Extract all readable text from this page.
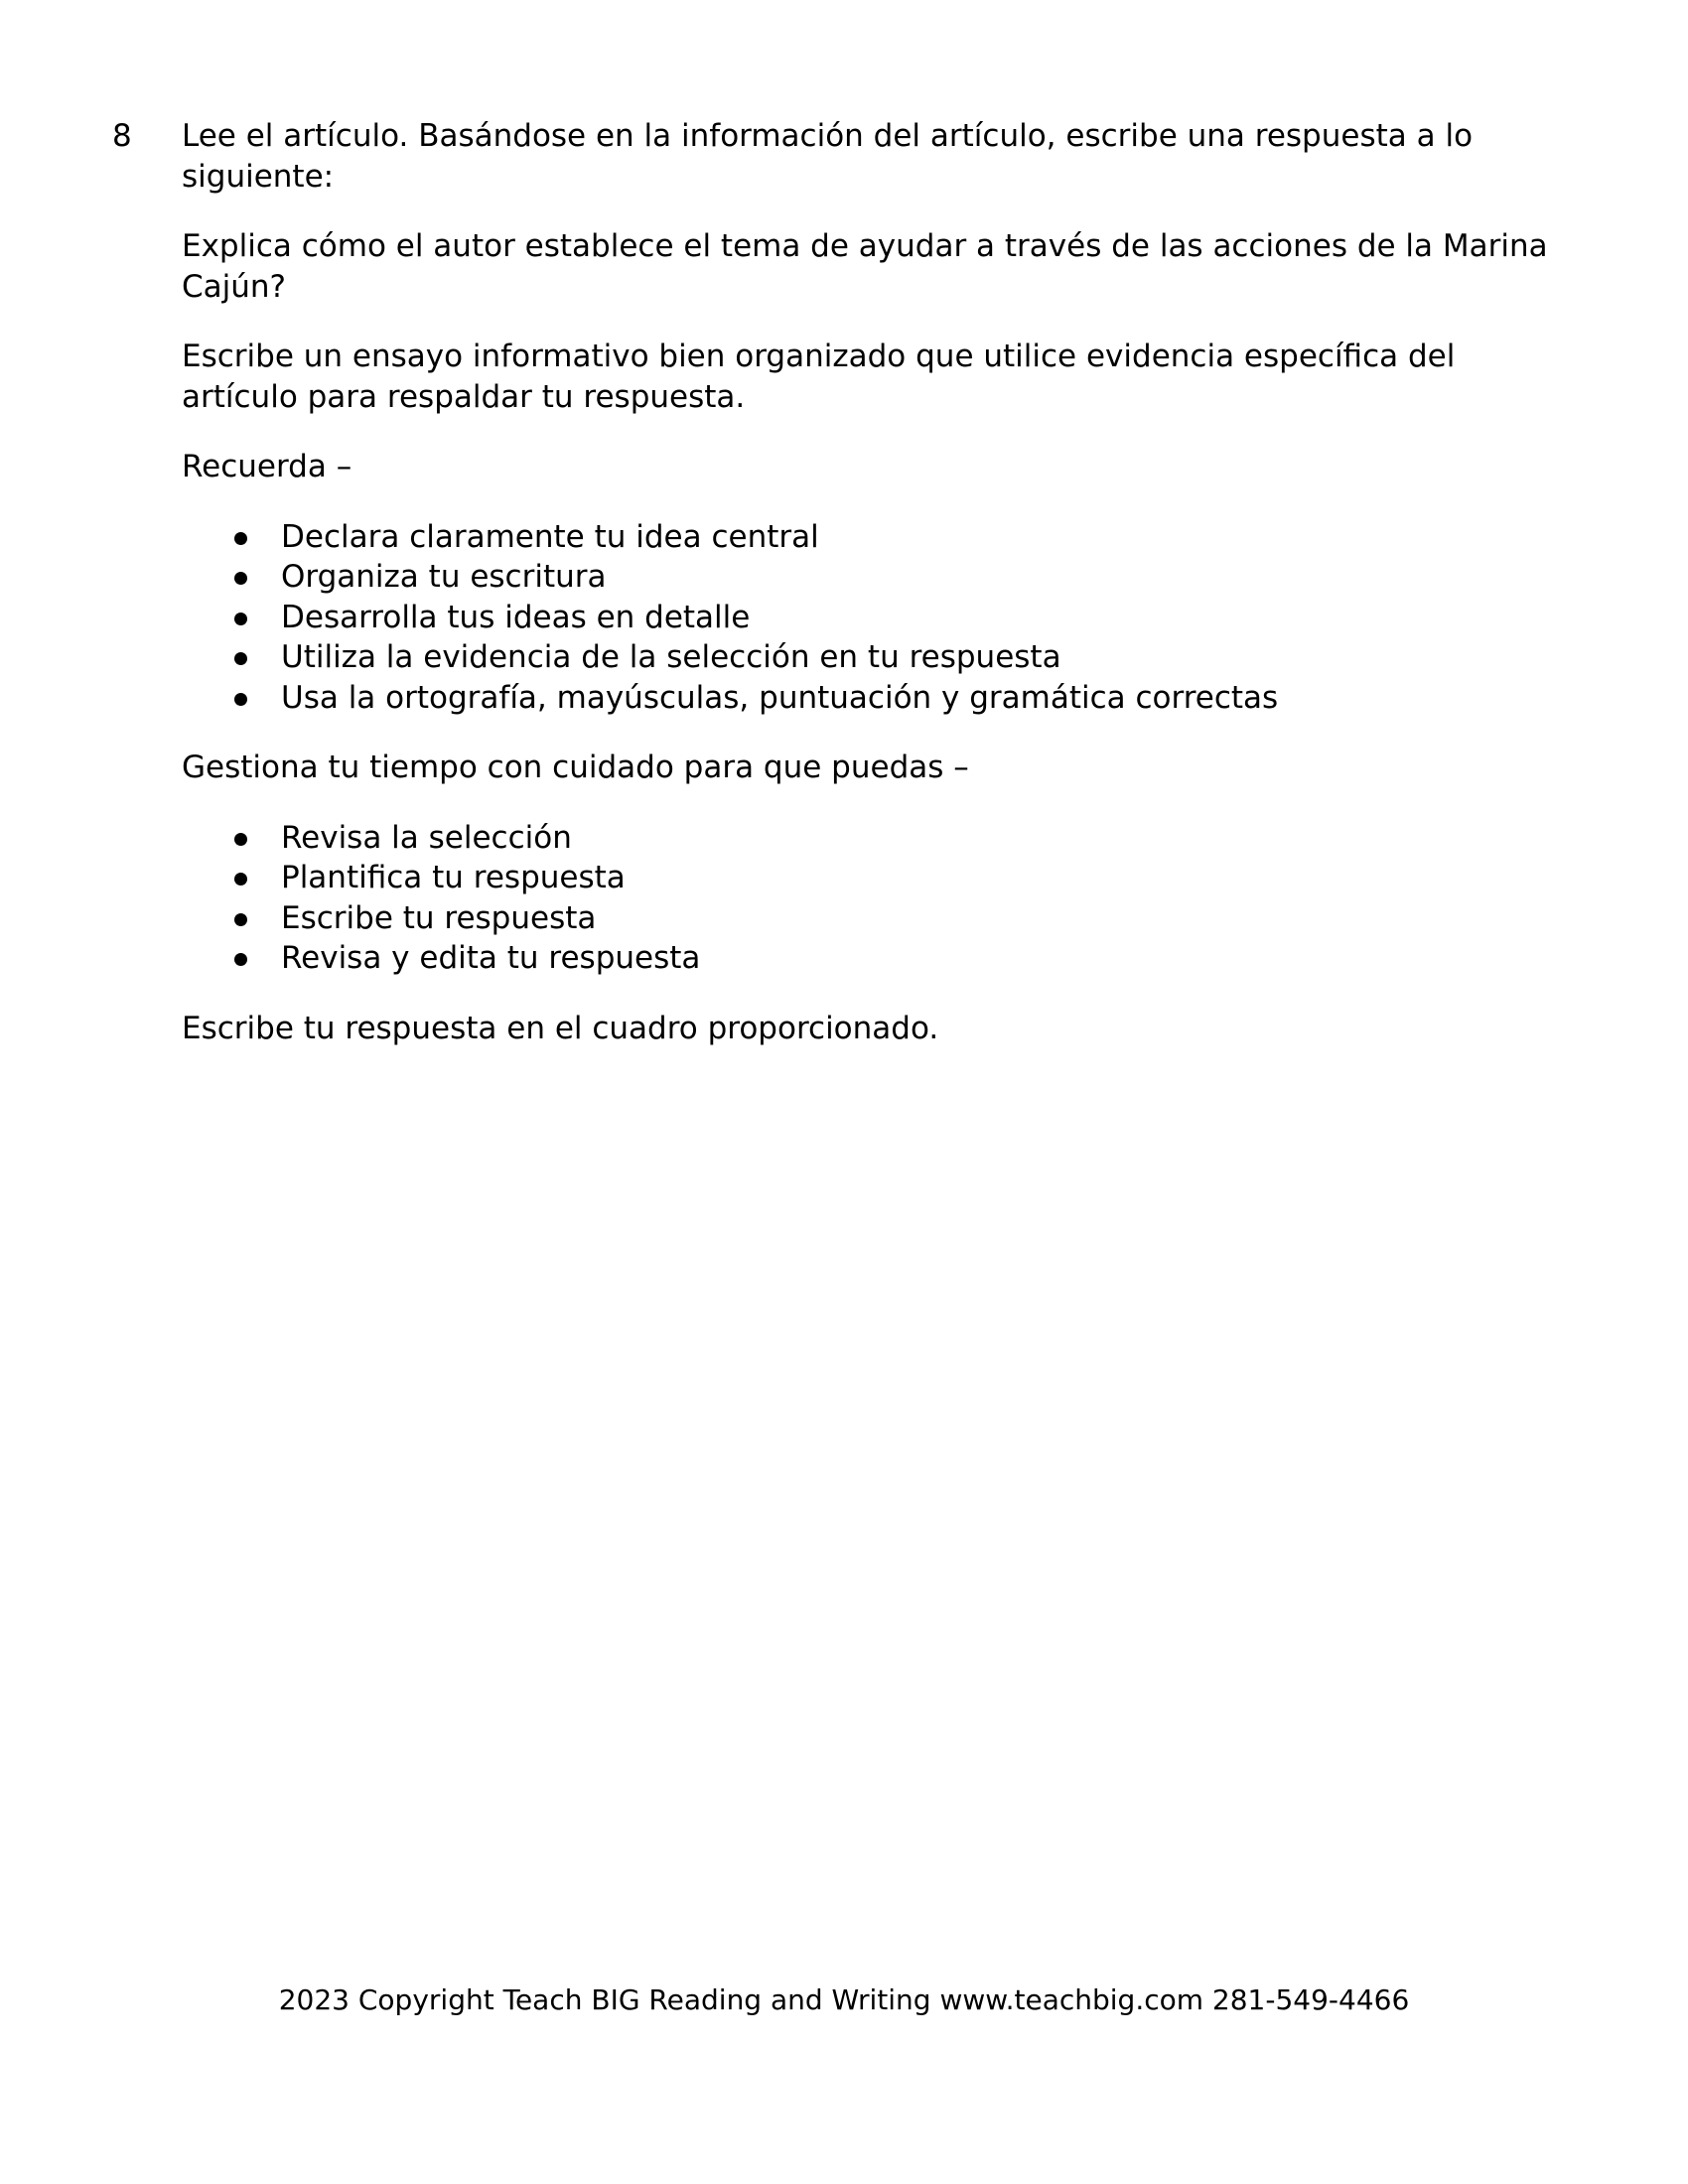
8 Lee el artículo. Basándose en la información del artículo, escribe una respuesta a lo siguiente:

Explica cómo el autor establece el tema de ayudar a través de las acciones de la Marina Cajún?

Escribe un ensayo informativo bien organizado que utilice evidencia específica del artículo para respaldar tu respuesta.

Recuerda –

Declara claramente tu idea central
Organiza tu escritura
Desarrolla tus ideas en detalle
Utiliza la evidencia de la selección en tu respuesta
Usa la ortografía, mayúsculas, puntuación y gramática correctas

Gestiona tu tiempo con cuidado para que puedas –

Revisa la selección
Plantifica tu respuesta
Escribe tu respuesta
Revisa y edita tu respuesta

Escribe tu respuesta en el cuadro proporcionado.

2023 Copyright Teach BIG Reading and Writing www.teachbig.com 281-549-4466
